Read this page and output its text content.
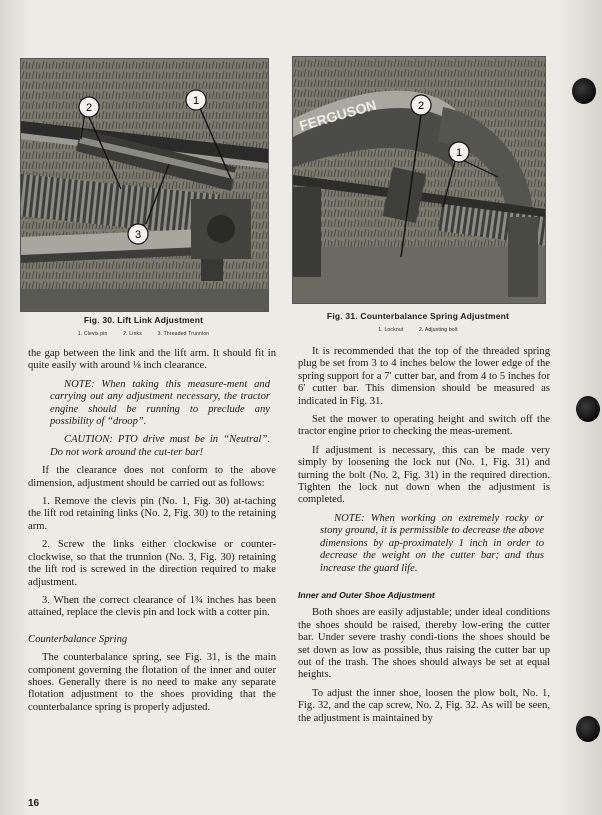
2
1
3
Fig. 30. Lift Link Adjustment
1. Clevis pin	2. Links	3. Threaded Trunnion
FERGUSON	2
1
Fig. 31. Counterbalance Spring Adjustment
1. Locknut	2. Adjusting bolt

the gap between the link and the lift arm. It should fit in quite easily with around ⅛ inch clearance.

NOTE: When taking this measure-ment and carrying out any adjustment necessary, the tractor engine should be running to preclude any possibility of “droop”.

CAUTION: PTO drive must be in “Neutral”. Do not work around the cut-ter bar!

If the clearance does not conform to the above dimension, adjustment should be carried out as follows:

1. Remove the clevis pin (No. 1, Fig. 30) at-taching the lift rod retaining links (No. 2, Fig. 30) to the retaining arm.

2. Screw the links either clockwise or counter-clockwise, so that the trunnion (No. 3, Fig. 30) retaining the lift rod is screwed in the direction required to make adjustment.

3. When the correct clearance of 1¾ inches has been attained, replace the clevis pin and lock with a cotter pin.

Counterbalance Spring

The counterbalance spring, see Fig. 31, is the main component governing the flotation of the inner and outer shoes. Generally there is no need to make any separate flotation adjustment to the shoes providing that the counterbalance spring is properly adjusted.

It is recommended that the top of the threaded spring plug be set from 3 to 4 inches below the lower edge of the spring support for a 7′ cutter bar, and from 4 to 5 inches for 6′ cutter bar. This dimension should be measured as indicated in Fig. 31.

Set the mower to operating height and switch off the tractor engine prior to checking the meas-urement.

If adjustment is necessary, this can be made very simply by loosening the lock nut (No. 1, Fig. 31) and turning the bolt (No. 2, Fig. 31) in the required direction. Tighten the lock nut down when the adjustment is completed.

NOTE: When working on extremely rocky or stony ground, it is permissible to decrease the above dimensions by ap-proximately 1 inch in order to decrease the weight on the cutter bar; and thus increase the guard life.

Inner and Outer Shoe Adjustment

Both shoes are easily adjustable; under ideal conditions the shoes should be raised, thereby low-ering the cutter bar. Under severe trashy condi-tions the shoes should be set down as low as possible, thus raising the cutter bar up out of the trash. The shoes should always be set at equal heights.

To adjust the inner shoe, loosen the plow bolt, No. 1, Fig. 32, and the cap screw, No. 2, Fig. 32. As will be seen, the adjustment is maintained by

16
